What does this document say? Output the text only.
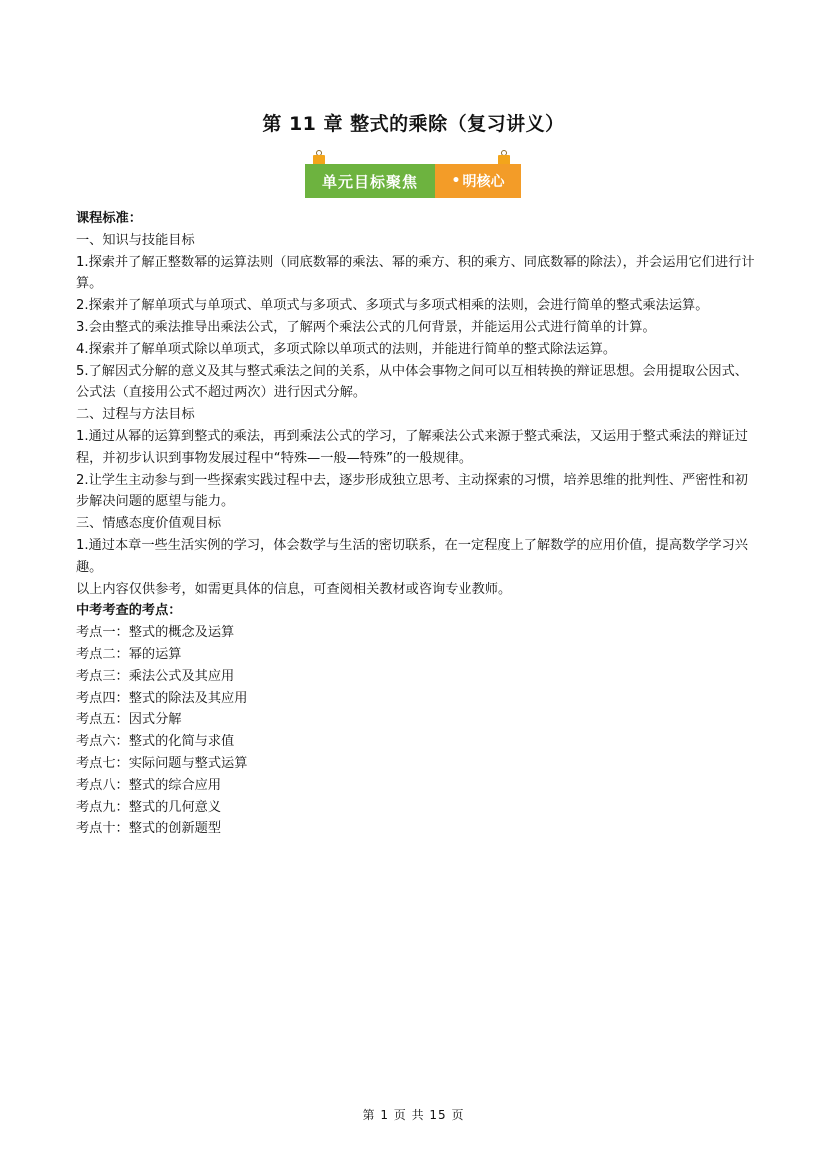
第 11 章 整式的乘除（复习讲义）
单元目标聚焦	• 明核心

课程标准：

一、知识与技能目标

1.探索并了解正整数幂的运算法则（同底数幂的乘法、幂的乘方、积的乘方、同底数幂的除法），并会运用它们进行计算。

2.探索并了解单项式与单项式、单项式与多项式、多项式与多项式相乘的法则，会进行简单的整式乘法运算。

3.会由整式的乘法推导出乘法公式，了解两个乘法公式的几何背景，并能运用公式进行简单的计算。

4.探索并了解单项式除以单项式，多项式除以单项式的法则，并能进行简单的整式除法运算。

5.了解因式分解的意义及其与整式乘法之间的关系，从中体会事物之间可以互相转换的辩证思想。会用提取公因式、公式法（直接用公式不超过两次）进行因式分解。

二、过程与方法目标

1.通过从幂的运算到整式的乘法，再到乘法公式的学习，了解乘法公式来源于整式乘法，又运用于整式乘法的辩证过程，并初步认识到事物发展过程中“特殊—一般—特殊”的一般规律。

2.让学生主动参与到一些探索实践过程中去，逐步形成独立思考、主动探索的习惯，培养思维的批判性、严密性和初步解决问题的愿望与能力。

三、情感态度价值观目标

1.通过本章一些生活实例的学习，体会数学与生活的密切联系，在一定程度上了解数学的应用价值，提高数学学习兴趣。

以上内容仅供参考，如需更具体的信息，可查阅相关教材或咨询专业教师。

中考考查的考点：

考点一：整式的概念及运算

考点二：幂的运算

考点三：乘法公式及其应用

考点四：整式的除法及其应用

考点五：因式分解

考点六：整式的化简与求值

考点七：实际问题与整式运算

考点八：整式的综合应用

考点九：整式的几何意义

考点十：整式的创新题型

第 1 页 共 15 页
